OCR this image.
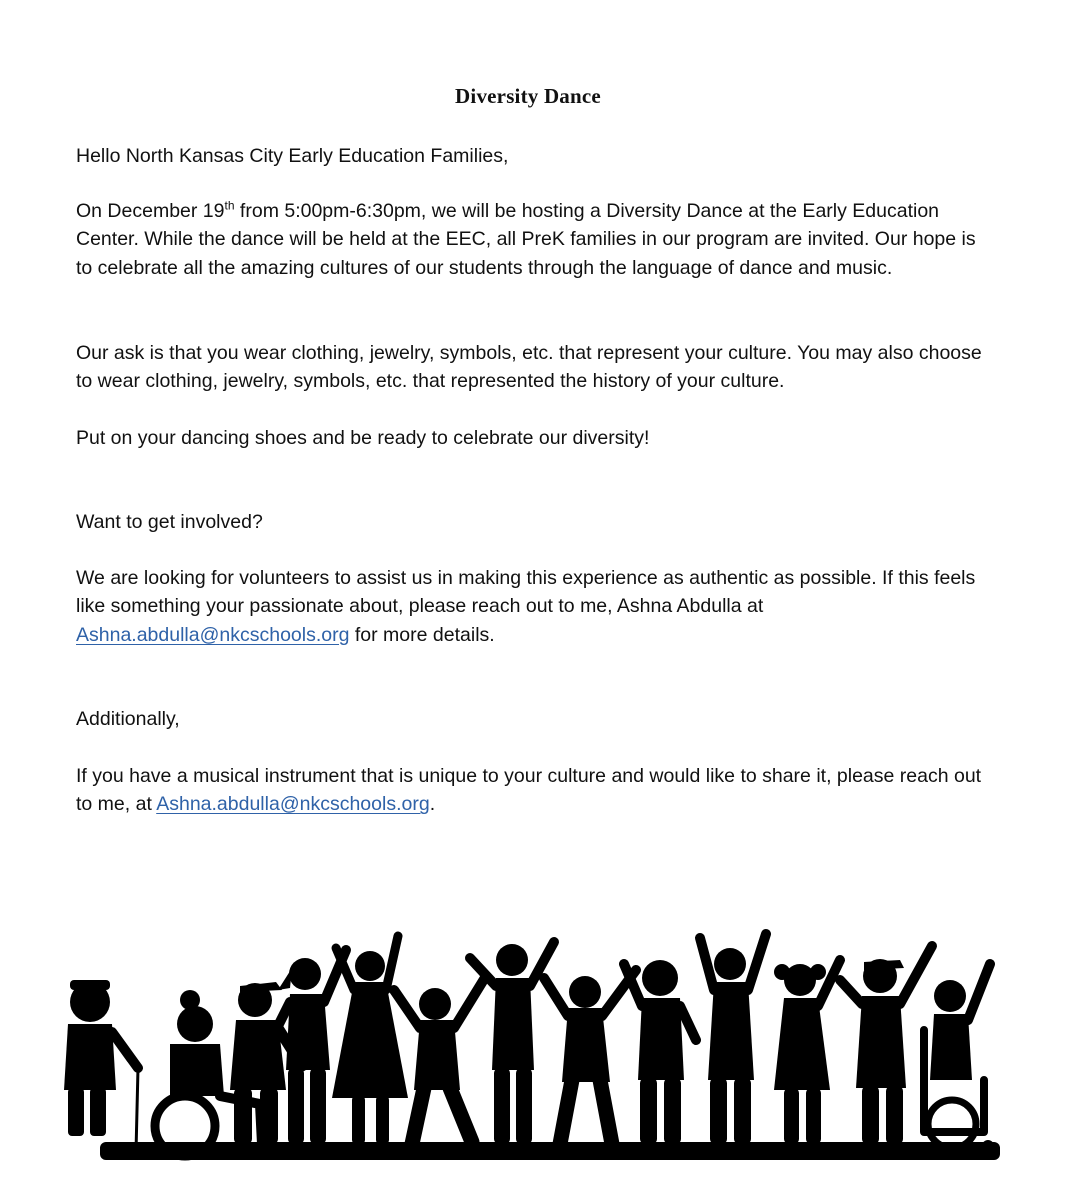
Diversity Dance

Hello North Kansas City Early Education Families,

On December 19th from 5:00pm-6:30pm, we will be hosting a Diversity Dance at the Early Education Center. While the dance will be held at the EEC, all PreK families in our program are invited. Our hope is to celebrate all the amazing cultures of our students through the language of dance and music.

Our ask is that you wear clothing, jewelry, symbols, etc. that represent your culture. You may also choose to wear clothing, jewelry, symbols, etc. that represented the history of your culture.

Put on your dancing shoes and be ready to celebrate our diversity!

Want to get involved?

We are looking for volunteers to assist us in making this experience as authentic as possible. If this feels like something your passionate about, please reach out to me, Ashna Abdulla at Ashna.abdulla@nkcschools.org for more details.

Additionally,

If you have a musical instrument that is unique to your culture and would like to share it, please reach out to me, at Ashna.abdulla@nkcschools.org.
